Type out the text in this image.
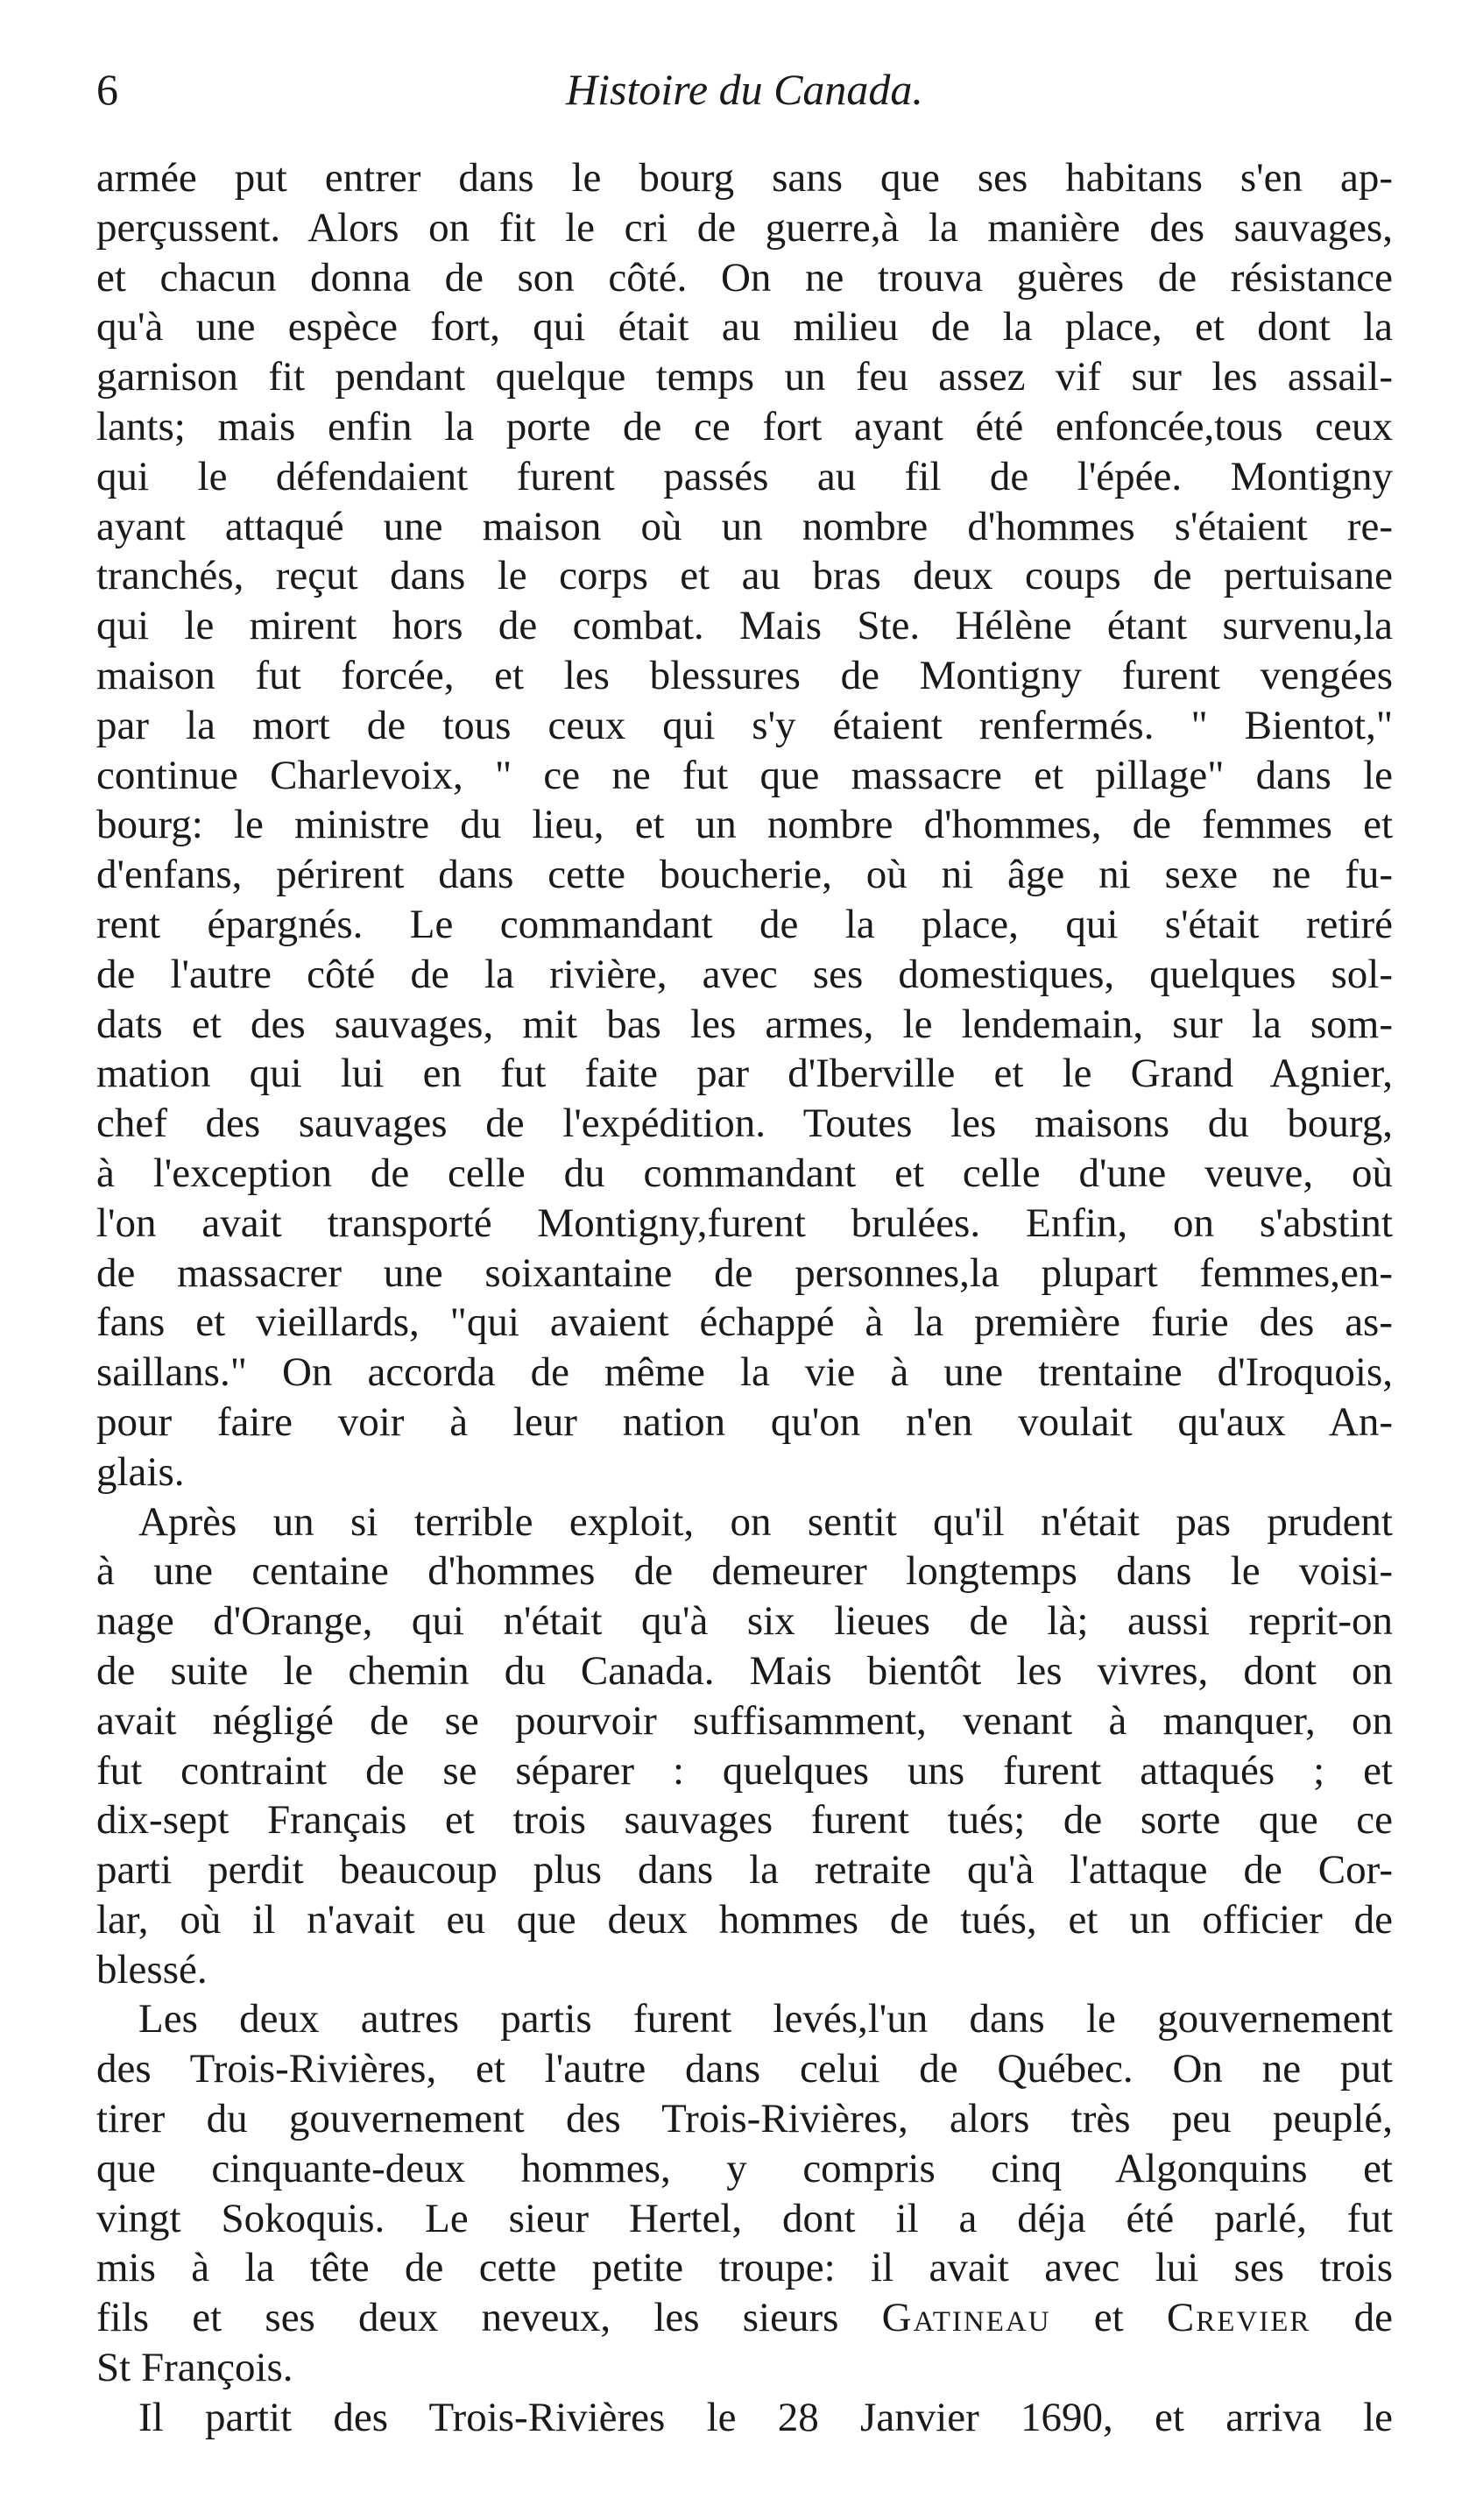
6	Histoire du Canada.
armée put entrer dans le bourg sans que ses habitans s'en ap-
perçussent. Alors on fit le cri de guerre,à la manière des sauvages,
et chacun donna de son côté. On ne trouva guères de résistance
qu'à une espèce fort, qui était au milieu de la place, et dont la
garnison fit pendant quelque temps un feu assez vif sur les assail-
lants; mais enfin la porte de ce fort ayant été enfoncée,tous ceux
qui le défendaient furent passés au fil de l'épée. Montigny
ayant attaqué une maison où un nombre d'hommes s'étaient re-
tranchés, reçut dans le corps et au bras deux coups de pertuisane
qui le mirent hors de combat. Mais Ste. Hélène étant survenu,la
maison fut forcée, et les blessures de Montigny furent vengées
par la mort de tous ceux qui s'y étaient renfermés. " Bientot,"
continue Charlevoix, " ce ne fut que massacre et pillage" dans le
bourg: le ministre du lieu, et un nombre d'hommes, de femmes et
d'enfans, périrent dans cette boucherie, où ni âge ni sexe ne fu-
rent épargnés. Le commandant de la place, qui s'était retiré
de l'autre côté de la rivière, avec ses domestiques, quelques sol-
dats et des sauvages, mit bas les armes, le lendemain, sur la som-
mation qui lui en fut faite par d'Iberville et le Grand Agnier,
chef des sauvages de l'expédition. Toutes les maisons du bourg,
à l'exception de celle du commandant et celle d'une veuve, où
l'on avait transporté Montigny,furent brulées. Enfin, on s'abstint
de massacrer une soixantaine de personnes,la plupart femmes,en-
fans et vieillards, "qui avaient échappé à la première furie des as-
saillans." On accorda de même la vie à une trentaine d'Iroquois,
pour faire voir à leur nation qu'on n'en voulait qu'aux An-
glais.
Après un si terrible exploit, on sentit qu'il n'était pas prudent
à une centaine d'hommes de demeurer longtemps dans le voisi-
nage d'Orange, qui n'était qu'à six lieues de là; aussi reprit-on
de suite le chemin du Canada. Mais bientôt les vivres, dont on
avait négligé de se pourvoir suffisamment, venant à manquer, on
fut contraint de se séparer : quelques uns furent attaqués ; et
dix-sept Français et trois sauvages furent tués; de sorte que ce
parti perdit beaucoup plus dans la retraite qu'à l'attaque de Cor-
lar, où il n'avait eu que deux hommes de tués, et un officier de
blessé.
Les deux autres partis furent levés,l'un dans le gouvernement
des Trois-Rivières, et l'autre dans celui de Québec. On ne put
tirer du gouvernement des Trois-Rivières, alors très peu peuplé,
que cinquante-deux hommes, y compris cinq Algonquins et
vingt Sokoquis. Le sieur Hertel, dont il a déja été parlé, fut
mis à la tête de cette petite troupe: il avait avec lui ses trois
fils et ses deux neveux, les sieurs Gatineau et Crevier de
St François.
Il partit des Trois-Rivières le 28 Janvier 1690, et arriva le
